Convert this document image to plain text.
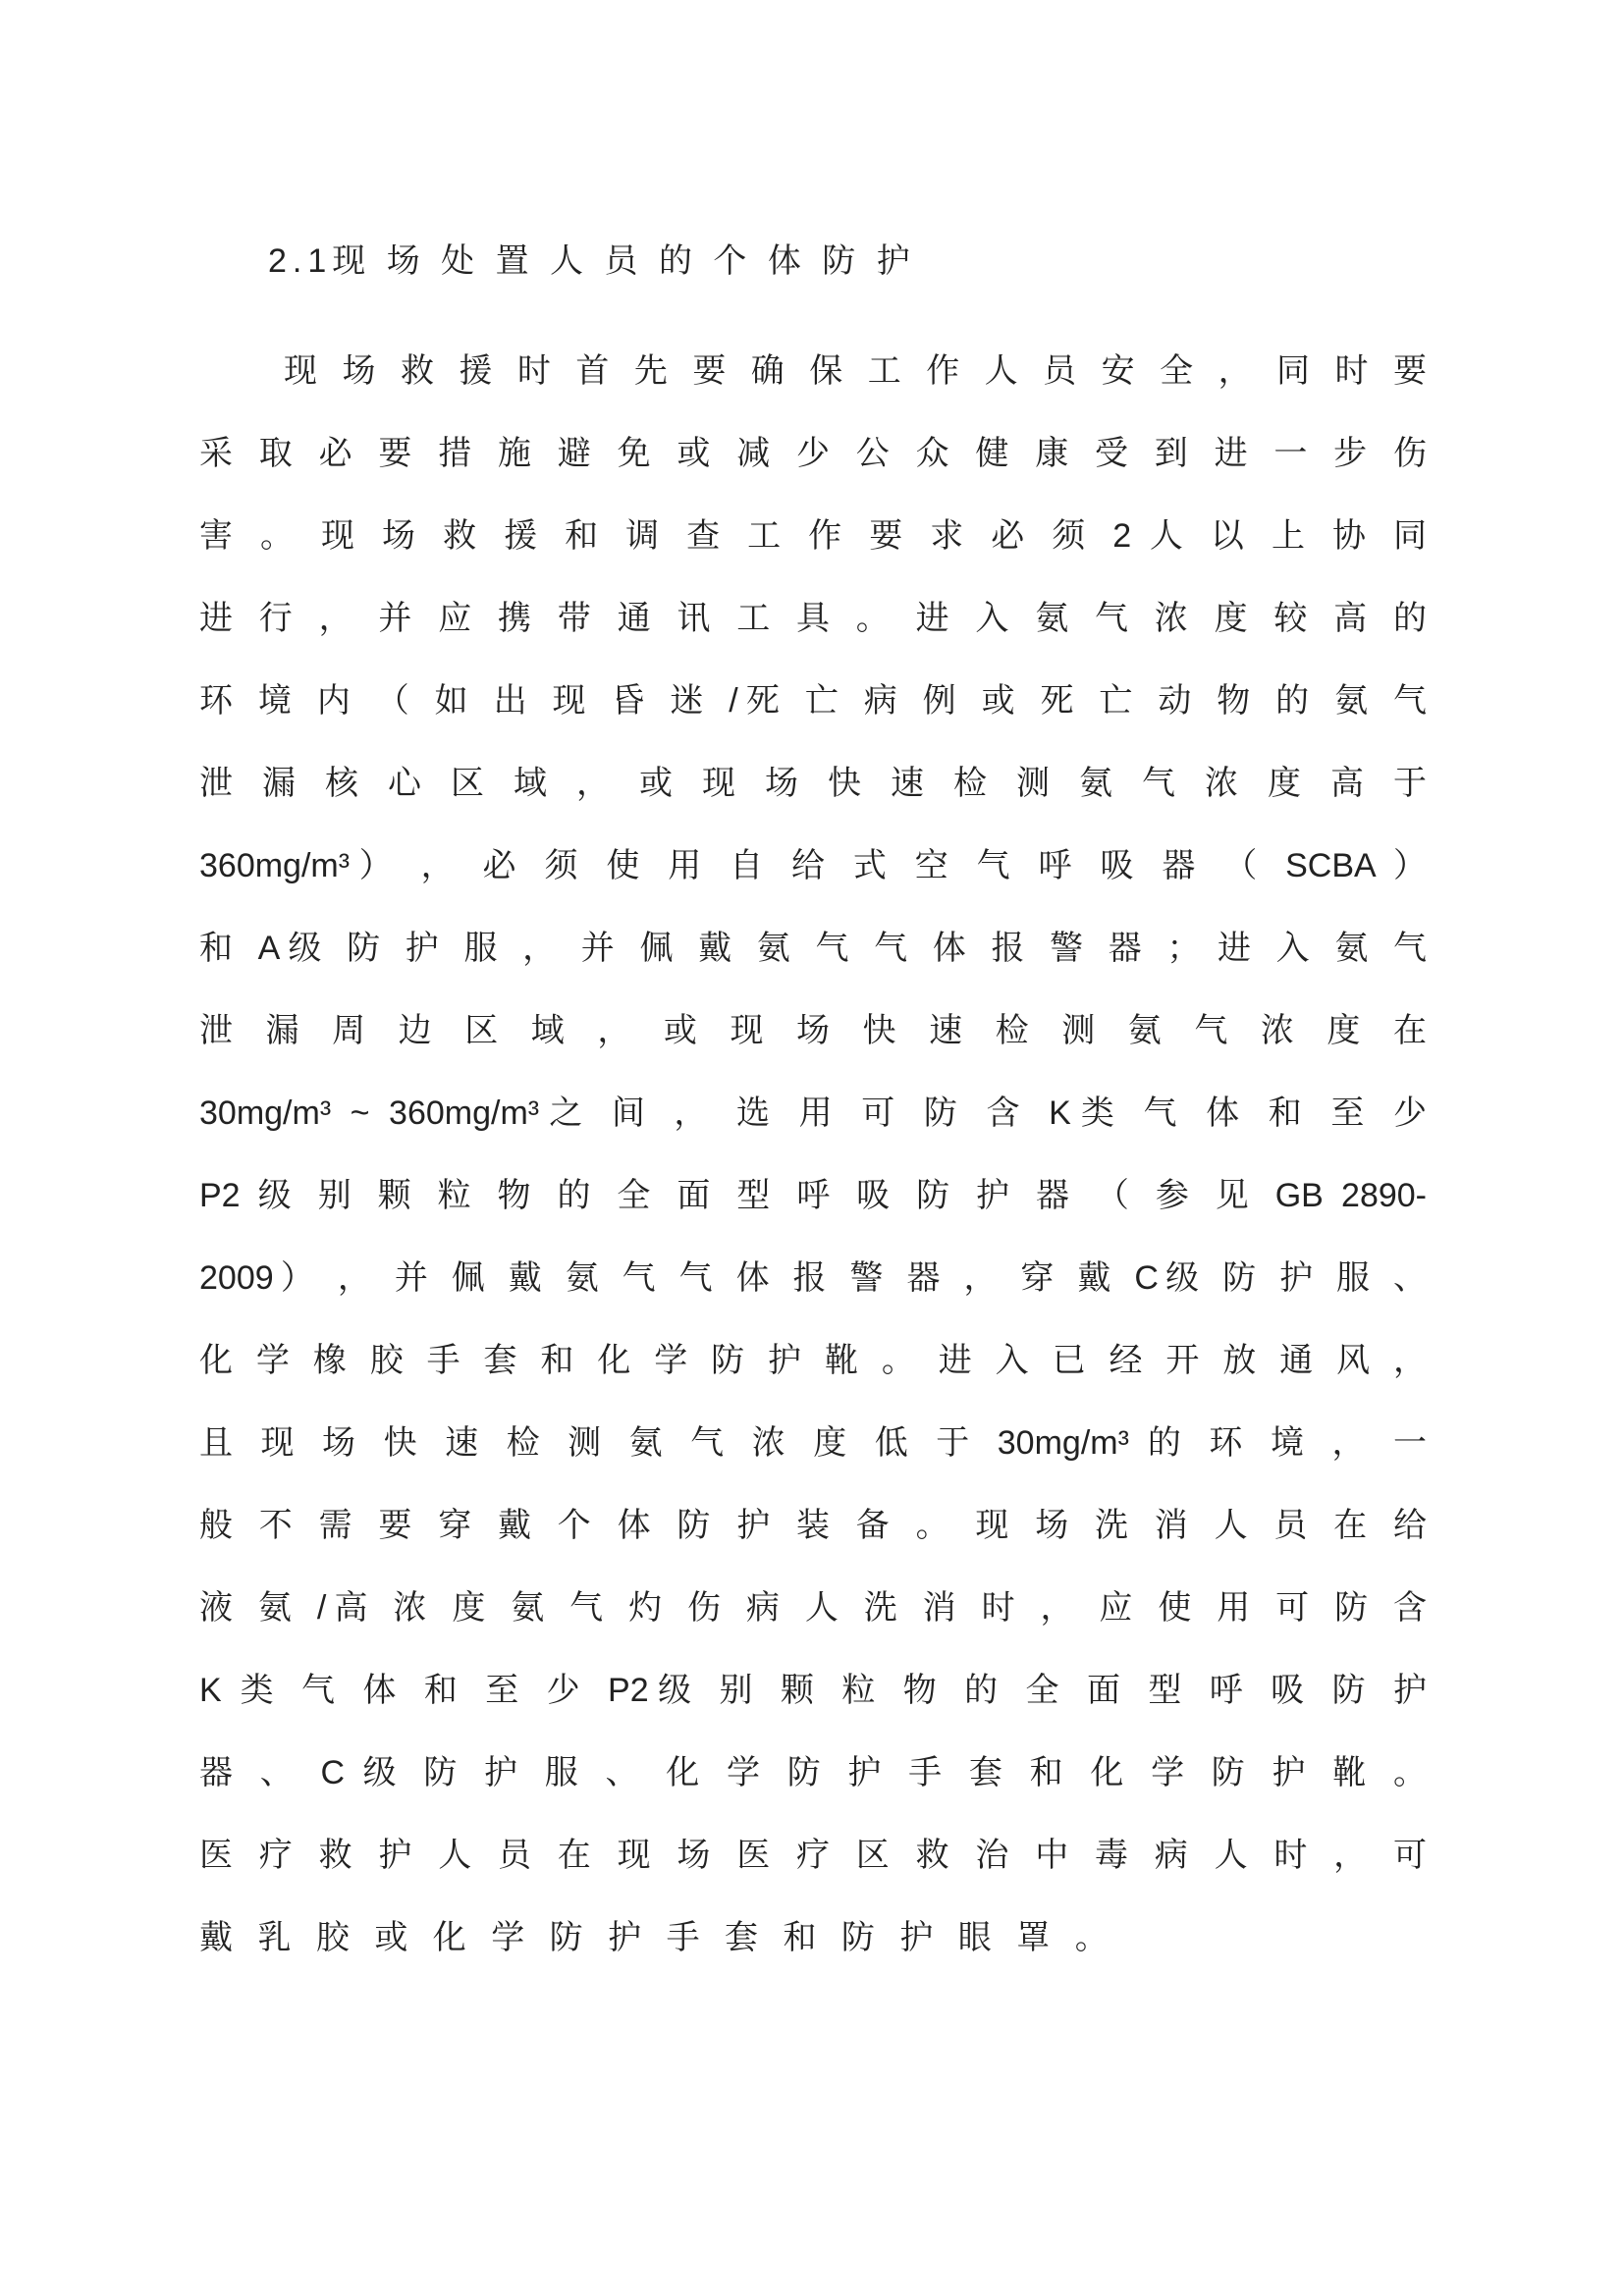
2.1现 场 处 置 人 员 的 个 体 防 护
现 场 救 援 时 首 先 要 确 保 工 作 人 员 安 全 ， 同 时 要
采 取 必 要 措 施 避 免 或 减 少 公 众 健 康 受 到 进 一 步 伤
害 。 现 场 救 援 和 调 查 工 作 要 求 必 须 2 人 以 上 协 同
进 行 ， 并 应 携 带 通 讯 工 具 。 进 入 氨 气 浓 度 较 高 的
环 境 内 （ 如 出 现 昏 迷 /死 亡 病 例 或 死 亡 动 物 的 氨 气
泄 漏 核 心 区 域 ， 或 现 场 快 速 检 测 氨 气 浓 度 高 于
360mg/m³） ， 必 须 使 用 自 给 式 空 气 呼 吸 器 （ SCBA ）
和 A级 防 护 服 ， 并 佩 戴 氨 气 气 体 报 警 器 ； 进 入 氨 气
泄 漏 周 边 区 域 ， 或 现 场 快 速 检 测 氨 气 浓 度 在
30mg/m³ ~ 360mg/m³之 间 ， 选 用 可 防 含 K类 气 体 和 至 少
P2 级 别 颗 粒 物 的 全 面 型 呼 吸 防 护 器 （ 参 见 GB 2890-
2009） ， 并 佩 戴 氨 气 气 体 报 警 器 ， 穿 戴 C级 防 护 服 、
化 学 橡 胶 手 套 和 化 学 防 护 靴 。 进 入 已 经 开 放 通 风 ，
且 现 场 快 速 检 测 氨 气 浓 度 低 于 30mg/m³ 的 环 境 ， 一
般 不 需 要 穿 戴 个 体 防 护 装 备 。 现 场 洗 消 人 员 在 给
液 氨 /高 浓 度 氨 气 灼 伤 病 人 洗 消 时 ， 应 使 用 可 防 含
K 类 气 体 和 至 少 P2级 别 颗 粒 物 的 全 面 型 呼 吸 防 护
器 、 C 级 防 护 服 、 化 学 防 护 手 套 和 化 学 防 护 靴 。
医 疗 救 护 人 员 在 现 场 医 疗 区 救 治 中 毒 病 人 时 ， 可
戴 乳 胶 或 化 学 防 护 手 套 和 防 护 眼 罩 。
